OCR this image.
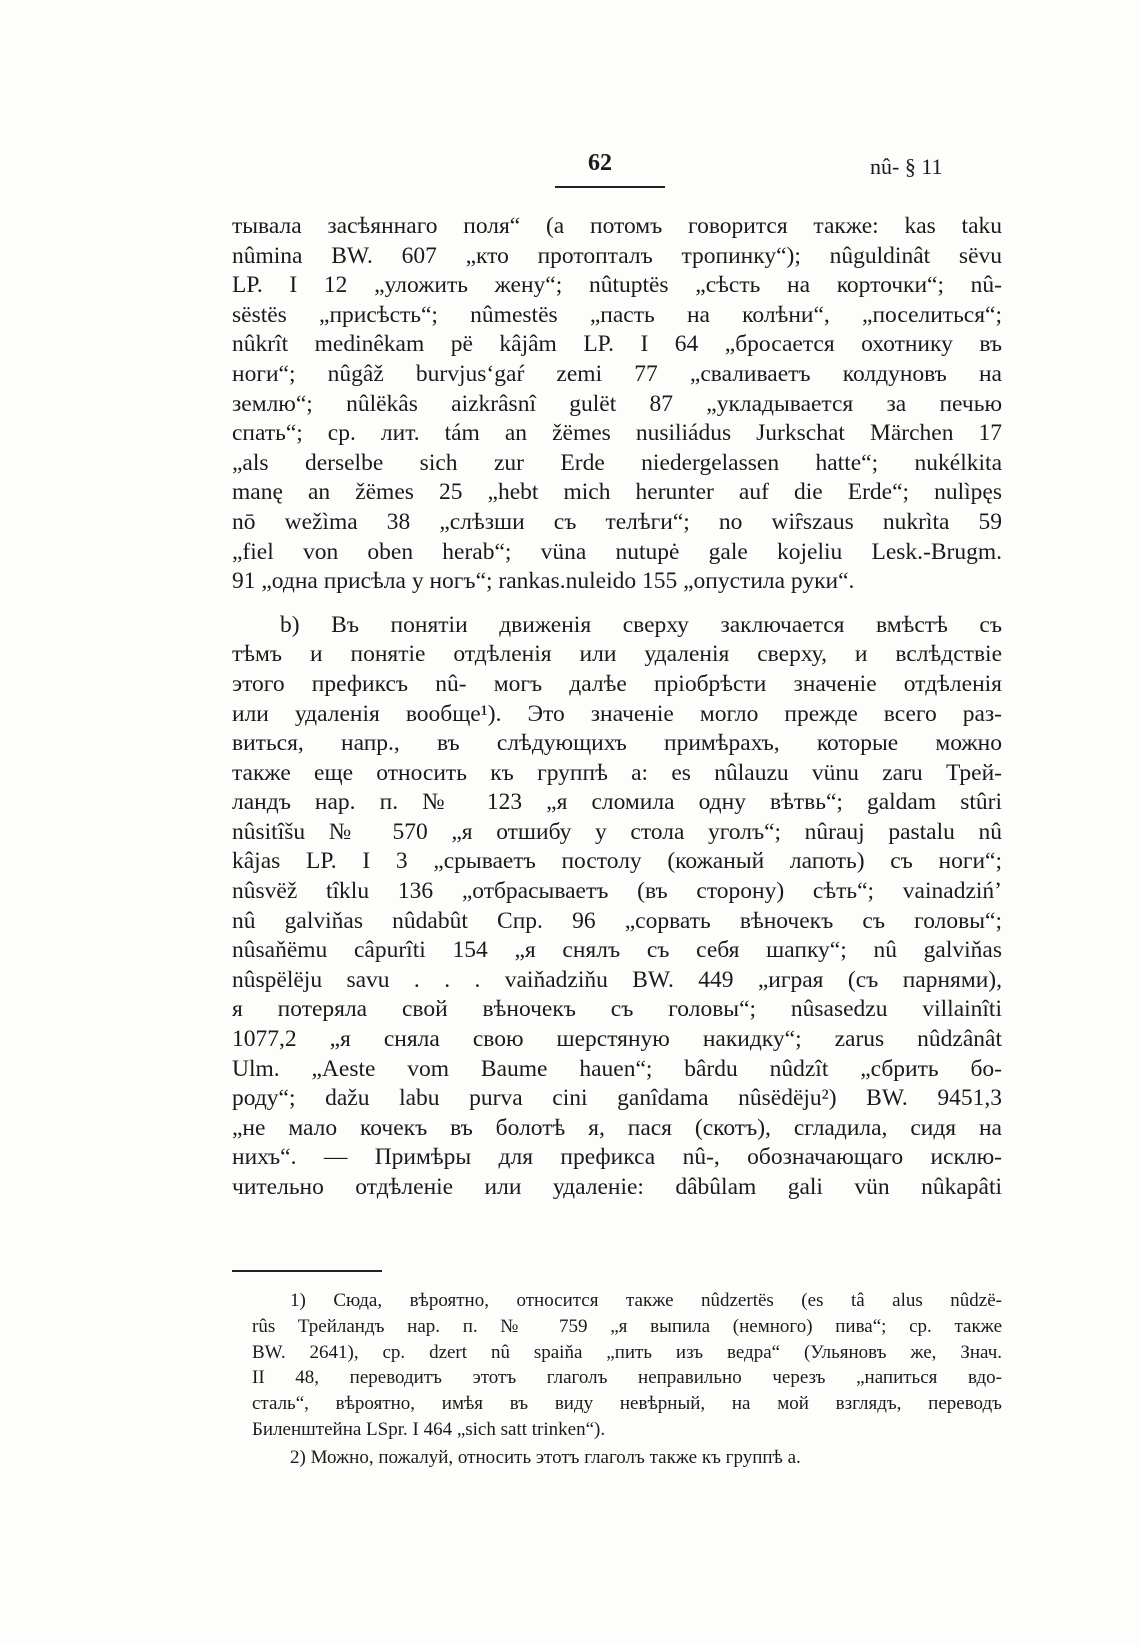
62	nû- § 11
тывала засѣяннаго поля“ (а потомъ говорится также: kas taku
nûmina BW. 607 „кто протопталъ тропинку“); nûguldinât sëvu
LP. I 12 „уложить жену“; nûtuptës „сѣсть на корточки“; nû-
sëstës „присѣсть“; nûmestës „пасть на колѣни“, „поселиться“;
nûkrît medinêkam pë kâjâm LP. I 64 „бросается охотнику въ
ноги“; nûgâž burvjus‘gaŕ zemi 77 „сваливаетъ колдуновъ на
землю“; nûlëkâs aizkrâsnî gulët 87 „укладывается за печью
спать“; ср. лит. tám an žëmes nusiliádus Jurkschat Märchen 17
„als derselbe sich zur Erde niedergelassen hatte“; nukélkita
manę an žëmes 25 „hebt mich herunter auf die Erde“; nulìpęs
nō wežìma 38 „слѣзши съ телѣги“; no wiȓszaus nukrìta 59
„fiel von oben herab“; vüna nutupė gale kojeliu Lesk.-Brugm.
91 „одна присѣла у ногъ“; rankas.nuleido 155 „опустила руки“.
b) Въ понятіи движенія сверху заключается вмѣстѣ съ
тѣмъ и понятіе отдѣленія или удаленія сверху, и вслѣдствіе
этого префиксъ nû- могъ далѣе пріобрѣсти значеніе отдѣленія
или удаленія вообще¹). Это значеніе могло прежде всего раз-
виться, напр., въ слѣдующихъ примѣрахъ, которые можно
также еще относить къ группѣ a: es nûlauzu vünu zaru Трей-
ландъ нар. п. № 123 „я сломила одну вѣтвь“; galdam stûri
nûsitîšu № 570 „я отшибу у стола уголъ“; nûrauj pastalu nû
kâjas LP. I 3 „срываетъ постолу (кожаный лапоть) съ ноги“;
nûsvëž tîklu 136 „отбрасываетъ (въ сторону) сѣть“; vainadziń’
nû galviňas nûdabût Спр. 96 „сорвать вѣночекъ съ головы“;
nûsaňëmu câpurîti 154 „я снялъ съ себя шапку“; nû galviňas
nûspëlëju savu . . . vaiňadziňu BW. 449 „играя (съ парнями),
я потеряла свой вѣночекъ съ головы“; nûsasedzu villainîti
1077,2 „я сняла свою шерстяную накидку“; zarus nûdzânât
Ulm. „Aeste vom Baume hauen“; bârdu nûdzît „сбрить бо-
роду“; dažu labu purva cini ganîdama nûsëdëju²) BW. 9451,3
„не мало кочекъ въ болотѣ я, пася (скотъ), сгладила, сидя на
нихъ“. — Примѣры для префикса nû-, обозначающаго исклю-
чительно отдѣленіе или удаленіе: dâbûlam gali vün nûkapâti
1) Сюда, вѣроятно, относится также nûdzertës (es tâ alus nûdzë-
rûs Трейландъ нар. п. № 759 „я выпила (немного) пива“; ср. также
BW. 2641), ср. dzert nû spaiňa „пить изъ ведра“ (Ульяновъ же, Знач.
II 48, переводитъ этотъ глаголъ неправильно черезъ „напиться вдо-
сталь“, вѣроятно, имѣя въ виду невѣрный, на мой взглядъ, переводъ
Биленштейна LSpr. I 464 „sich satt trinken“).
2) Можно, пожалуй, относить этотъ глаголъ также къ группѣ a.
